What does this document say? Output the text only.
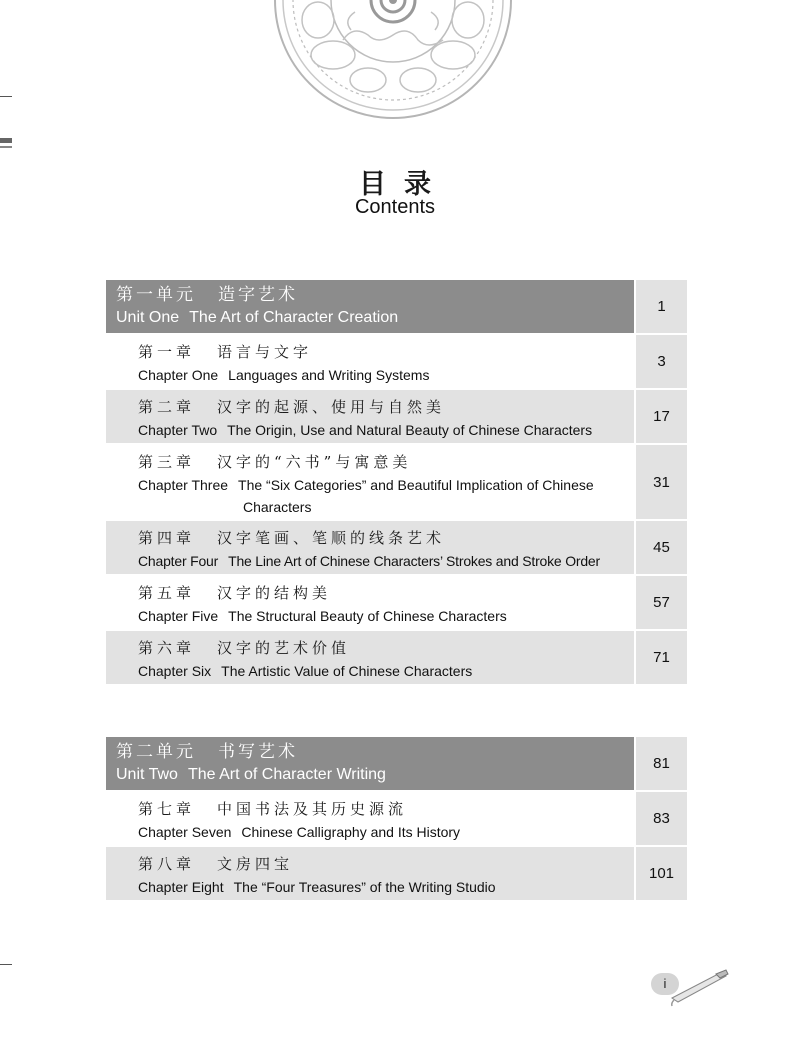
目录
Contents
第一单元 造字艺术
Unit One The Art of Character Creation
1
第一章 语言与文字
Chapter One Languages and Writing Systems
3
第二章 汉字的起源、使用与自然美
Chapter Two The Origin, Use and Natural Beauty of Chinese Characters
17
第三章 汉字的“六书”与寓意美
Chapter Three The “Six Categories” and Beautiful Implication of Chinese
Characters
31
第四章 汉字笔画、笔顺的线条艺术
Chapter Four The Line Art of Chinese Characters’ Strokes and Stroke Order
45
第五章 汉字的结构美
Chapter Five The Structural Beauty of Chinese Characters
57
第六章 汉字的艺术价值
Chapter Six The Artistic Value of Chinese Characters
71
第二单元 书写艺术
Unit Two The Art of Character Writing
81
第七章 中国书法及其历史源流
Chapter Seven Chinese Calligraphy and Its History
83
第八章 文房四宝
Chapter Eight The “Four Treasures” of the Writing Studio
101
i
